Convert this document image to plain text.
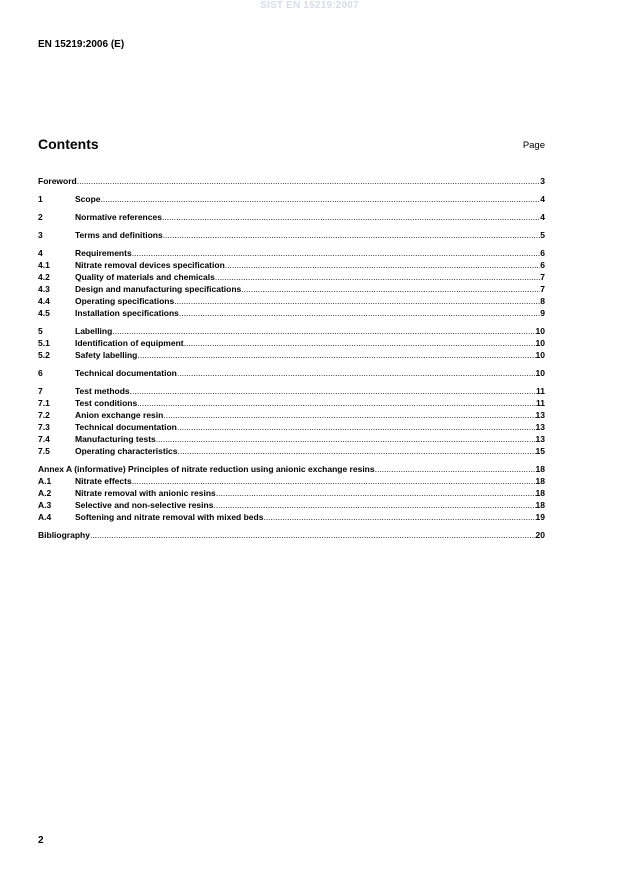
SIST EN 15219:2007
EN 15219:2006 (E)
Contents	Page
Foreword .....	3
1	Scope .....	4
2	Normative references .....	4
3	Terms and definitions .....	5
4	Requirements .....	6
4.1	Nitrate removal devices specification .....	6
4.2	Quality of materials and chemicals .....	7
4.3	Design and manufacturing specifications .....	7
4.4	Operating specifications .....	8
4.5	Installation specifications .....	9
5	Labelling .....	10
5.1	Identification of equipment .....	10
5.2	Safety labelling .....	10
6	Technical documentation .....	10
7	Test methods .....	11
7.1	Test conditions .....	11
7.2	Anion exchange resin .....	13
7.3	Technical documentation .....	13
7.4	Manufacturing tests .....	13
7.5	Operating characteristics .....	15
Annex A (informative) Principles of nitrate reduction using anionic exchange resins .....	18
A.1	Nitrate effects .....	18
A.2	Nitrate removal with anionic resins .....	18
A.3	Selective and non-selective resins .....	18
A.4	Softening and nitrate removal with mixed beds .....	19
Bibliography .....	20
2
